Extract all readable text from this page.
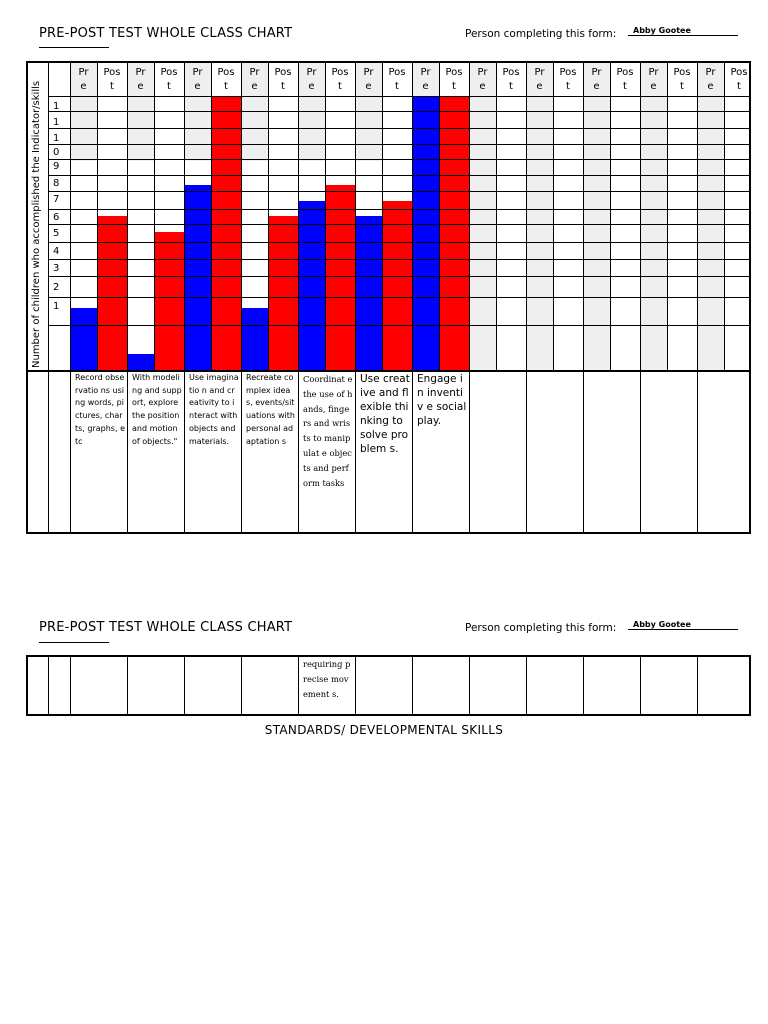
PRE-POST TEST WHOLE CLASS CHART	Person completing this form: Abby Gootee
Pr
e
Pos
t
Pr
e
Pos
t
Pr
e
Pos
t
Pr
e
Pos
t
Pr
e
Pos
t
Pr
e
Pos
t
Pr
e
Pos
t
Pr
e
Pos
t
Pr
e
Pos
t
Pr
e
Pos
t
Pr
e
Pos
t
Pr
e
Pos
t
1
1
1
0
9
8
7
6
5
4
3
2
1
Number of children who accomplished the Indicator/skills
Record observatio ns using words, pictures, charts, graphs, etc
With modeling and support, explore the position and motion of objects."
Use imaginatio n and creativity to interact with objects and materials.
Recreate complex ideas, events/sit uations with personal adaptation s
Coordinat e the use of hands, fingers and wrists to manipulat e objects and perform tasks
Use creative and flexible thinking to solve problem s.
Engage in inventiv e social play.
PRE-POST TEST WHOLE CLASS CHART	Person completing this form: Abby Gootee
requiring precise movement s.
STANDARDS/ DEVELOPMENTAL SKILLS
